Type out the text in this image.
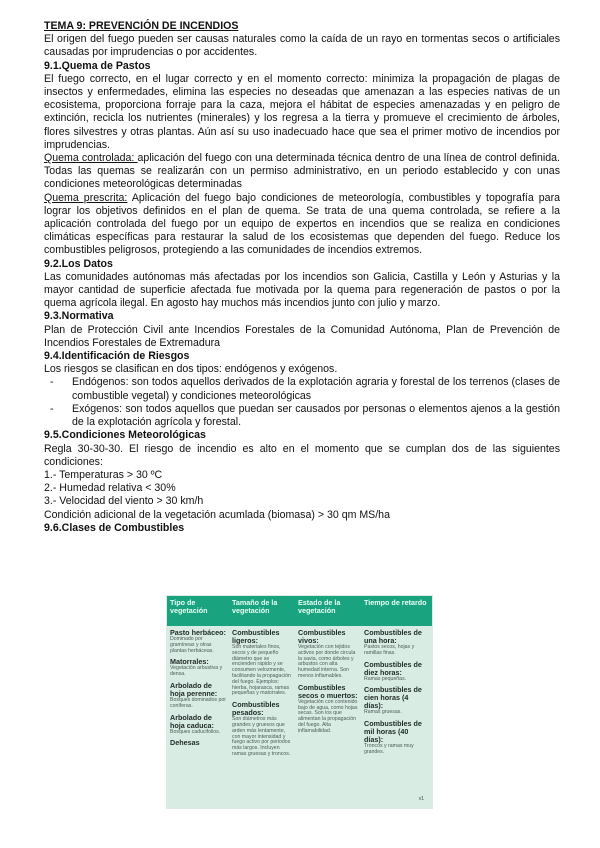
TEMA 9: PREVENCIÓN DE INCENDIOS

El origen del fuego pueden ser causas naturales como la caída de un rayo en tormentas secos o artificiales causadas por imprudencias o por accidentes.

9.1.Quema de Pastos

El fuego correcto, en el lugar correcto y en el momento correcto: minimiza la propagación de plagas de insectos y enfermedades, elimina las especies no deseadas que amenazan a las especies nativas de un ecosistema, proporciona forraje para la caza, mejora el hábitat de especies amenazadas y en peligro de extinción, recicla los nutrientes (minerales) y los regresa a la tierra y promueve el crecimiento de árboles, flores silvestres y otras plantas. Aún así su uso inadecuado hace que sea el primer motivo de incendios por imprudencias.

Quema controlada: aplicación del fuego con una determinada técnica dentro de una línea de control definida. Todas las quemas se realizarán con un permiso administrativo, en un periodo establecido y con unas condiciones meteorológicas determinadas

Quema prescrita: Aplicación del fuego bajo condiciones de meteorología, combustibles y topografía para lograr los objetivos definidos en el plan de quema. Se trata de una quema controlada, se refiere a la aplicación controlada del fuego por un equipo de expertos en incendios que se realiza en condiciones climáticas específicas para restaurar la salud de los ecosistemas que dependen del fuego. Reduce los combustibles peligrosos, protegiendo a las comunidades de incendios extremos.

9.2.Los Datos

Las comunidades autónomas más afectadas por los incendios son Galicia, Castilla y León y Asturias y la mayor cantidad de superficie afectada fue motivada por la quema para regeneración de pastos o por la quema agrícola ilegal. En agosto hay muchos más incendios junto con julio y marzo.

9.3.Normativa

Plan de Protección Civil ante Incendios Forestales de la Comunidad Autónoma, Plan de Prevención de Incendios Forestales de Extremadura

9.4.Identificación de Riesgos

Los riesgos se clasifican en dos tipos: endógenos y exógenos.

- Endógenos: son todos aquellos derivados de la explotación agraria y forestal de los terrenos (clases de combustible vegetal) y condiciones meteorológicas
- Exógenos: son todos aquellos que puedan ser causados por personas o elementos ajenos a la gestión de la explotación agrícola y forestal.
9.5.Condiciones Meteorológicas

Regla 30-30-30. El riesgo de incendio es alto en el momento que se cumplan dos de las siguientes condiciones:

1.- Temperaturas > 30 ºC
2.- Humedad relativa < 30%
3.- Velocidad del viento > 30 km/h
Condición adicional de la vegetación acumlada (biomasa) > 30 qm MS/ha
9.6.Clases de Combustibles
Tipo de vegetación
Tamaño de la vegetación
Estado de la vegetación
Tiempo de retardo
Pasto herbáceo:
Dominado por gramíneas y otras plantas herbáceas.
Matorrales:
Vegetación arbustiva y densa.
Arbolado de hoja perenne:
Bosques dominados por coníferas.
Arbolado de hoja caduca:
Bosques caducifolios.
Dehesas
Combustibles ligeros:
Son materiales finos, secos y de pequeño diámetro que se encienden rápido y se consumen velozmente, facilitando la propagación del fuego. Ejemplos: hierba, hojarasca, ramas pequeñas y matorrales.
Combustibles pesados:
Son diámetros más grandes y gruesos que arden más lentamente, con mayor intensidad y fuego activo por periodos más largos. Incluyen ramas gruesas y troncos.
Combustibles vivos:
Vegetación con tejidos activos por donde circula la savia, como árboles y arbustos con alta humedad interna. Son menos inflamables.
Combustibles secos o muertos:
Vegetación con contenido bajo de agua, como hojas secas. Son los que alimentan la propagación del fuego. Alta inflamabilidad.
Combustibles de una hora:
Pastos secos, hojas y ramillas finas.
Combustibles de diez horas:
Ramas pequeñas.
Combustibles de cien horas (4 días):
Ramas gruesas.
Combustibles de mil horas (40 días):
Troncos y ramas muy grandes.
v1
